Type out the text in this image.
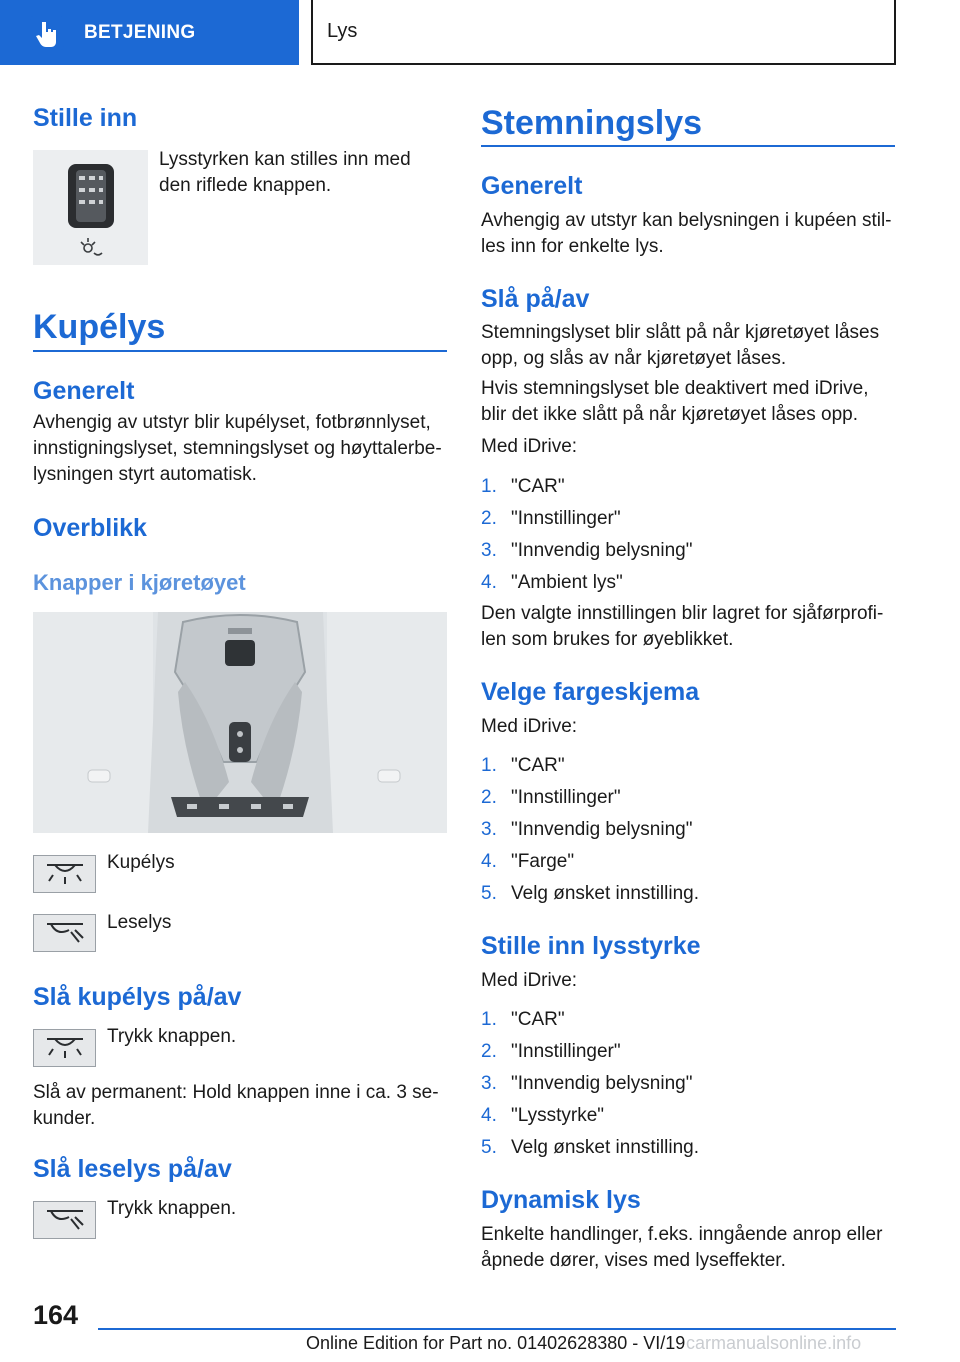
BETJENING	Lys
Stille inn
Lysstyrken kan stilles inn med
den riflede knappen.
Kupélys
Generelt
Avhengig av utstyr blir kupélyset, fotbrønnlyset,
innstigningslyset, stemningslyset og høyttalerbe-
lysningen styrt automatisk.
Overblikk
Knapper i kjøretøyet
Kupélys
Leselys
Slå kupélys på/av
Trykk knappen.
Slå av permanent: Hold knappen inne i ca. 3 se-
kunder.
Slå leselys på/av
Trykk knappen.
Stemningslys
Generelt
Avhengig av utstyr kan belysningen i kupéen stil-
les inn for enkelte lys.
Slå på/av
Stemningslyset blir slått på når kjøretøyet låses
opp, og slås av når kjøretøyet låses.
Hvis stemningslyset ble deaktivert med iDrive,
blir det ikke slått på når kjøretøyet låses opp.
Med iDrive:
1. "CAR"
2. "Innstillinger"
3. "Innvendig belysning"
4. "Ambient lys"
Den valgte innstillingen blir lagret for sjåførprofi-
len som brukes for øyeblikket.
Velge fargeskjema
Med iDrive:
1. "CAR"
2. "Innstillinger"
3. "Innvendig belysning"
4. "Farge"
5. Velg ønsket innstilling.
Stille inn lysstyrke
Med iDrive:
1. "CAR"
2. "Innstillinger"
3. "Innvendig belysning"
4. "Lysstyrke"
5. Velg ønsket innstilling.
Dynamisk lys
Enkelte handlinger, f.eks. inngående anrop eller
åpnede dører, vises med lyseffekter.
164
Online Edition for Part no. 01402628380 - VI/19 carmanualsonline.info
